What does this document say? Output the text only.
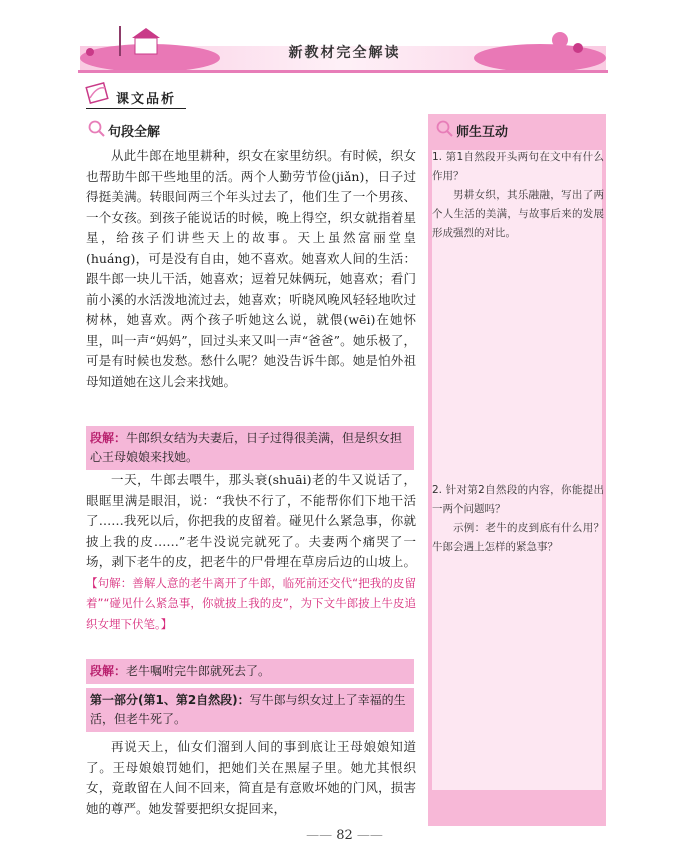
新教材完全解读
课文品析
句段全解

从此牛郎在地里耕种，织女在家里纺织。有时候，织女也帮助牛郎干些地里的活。两个人勤劳节俭(jiǎn)，日子过得挺美满。转眼间两三个年头过去了，他们生了一个男孩、一个女孩。到孩子能说话的时候，晚上得空，织女就指着星星，给孩子们讲些天上的故事。天上虽然富丽堂皇(huáng)，可是没有自由，她不喜欢。她喜欢人间的生活：跟牛郎一块儿干活，她喜欢；逗着兄妹俩玩，她喜欢；看门前小溪的水活泼地流过去，她喜欢；听晓风晚风轻轻地吹过树林，她喜欢。两个孩子听她这么说，就偎(wēi)在她怀里，叫一声“妈妈”，回过头来又叫一声“爸爸”。她乐极了，可是有时候也发愁。愁什么呢？她没告诉牛郎。她是怕外祖母知道她在这儿会来找她。

段解：牛郎织女结为夫妻后，日子过得很美满，但是织女担心王母娘娘来找她。

一天，牛郎去喂牛，那头衰(shuāi)老的牛又说话了，眼眶里满是眼泪，说：“我快不行了，不能帮你们下地干活了……我死以后，你把我的皮留着。碰见什么紧急事，你就披上我的皮……”老牛没说完就死了。夫妻两个痛哭了一场，剥下老牛的皮，把老牛的尸骨埋在草房后边的山坡上。【句解：善解人意的老牛离开了牛郎，临死前还交代“把我的皮留着”“碰见什么紧急事，你就披上我的皮”，为下文牛郎披上牛皮追织女埋下伏笔。】

段解：老牛嘱咐完牛郎就死去了。
第一部分(第1、第2自然段)：写牛郎与织女过上了幸福的生活，但老牛死了。

再说天上，仙女们溜到人间的事到底让王母娘娘知道了。王母娘娘罚她们，把她们关在黑屋子里。她尤其恨织女，竟敢留在人间不回来，简直是有意败坏她的门风，损害她的尊严。她发誓要把织女捉回来，

师生互动
1. 第1自然段开头两句在文中有什么作用？
男耕女织，其乐融融，写出了两个人生活的美满，与故事后来的发展形成强烈的对比。
2. 针对第2自然段的内容，你能提出一两个问题吗？
示例：老牛的皮到底有什么用？牛郎会遇上怎样的紧急事？
—— 82 ——
